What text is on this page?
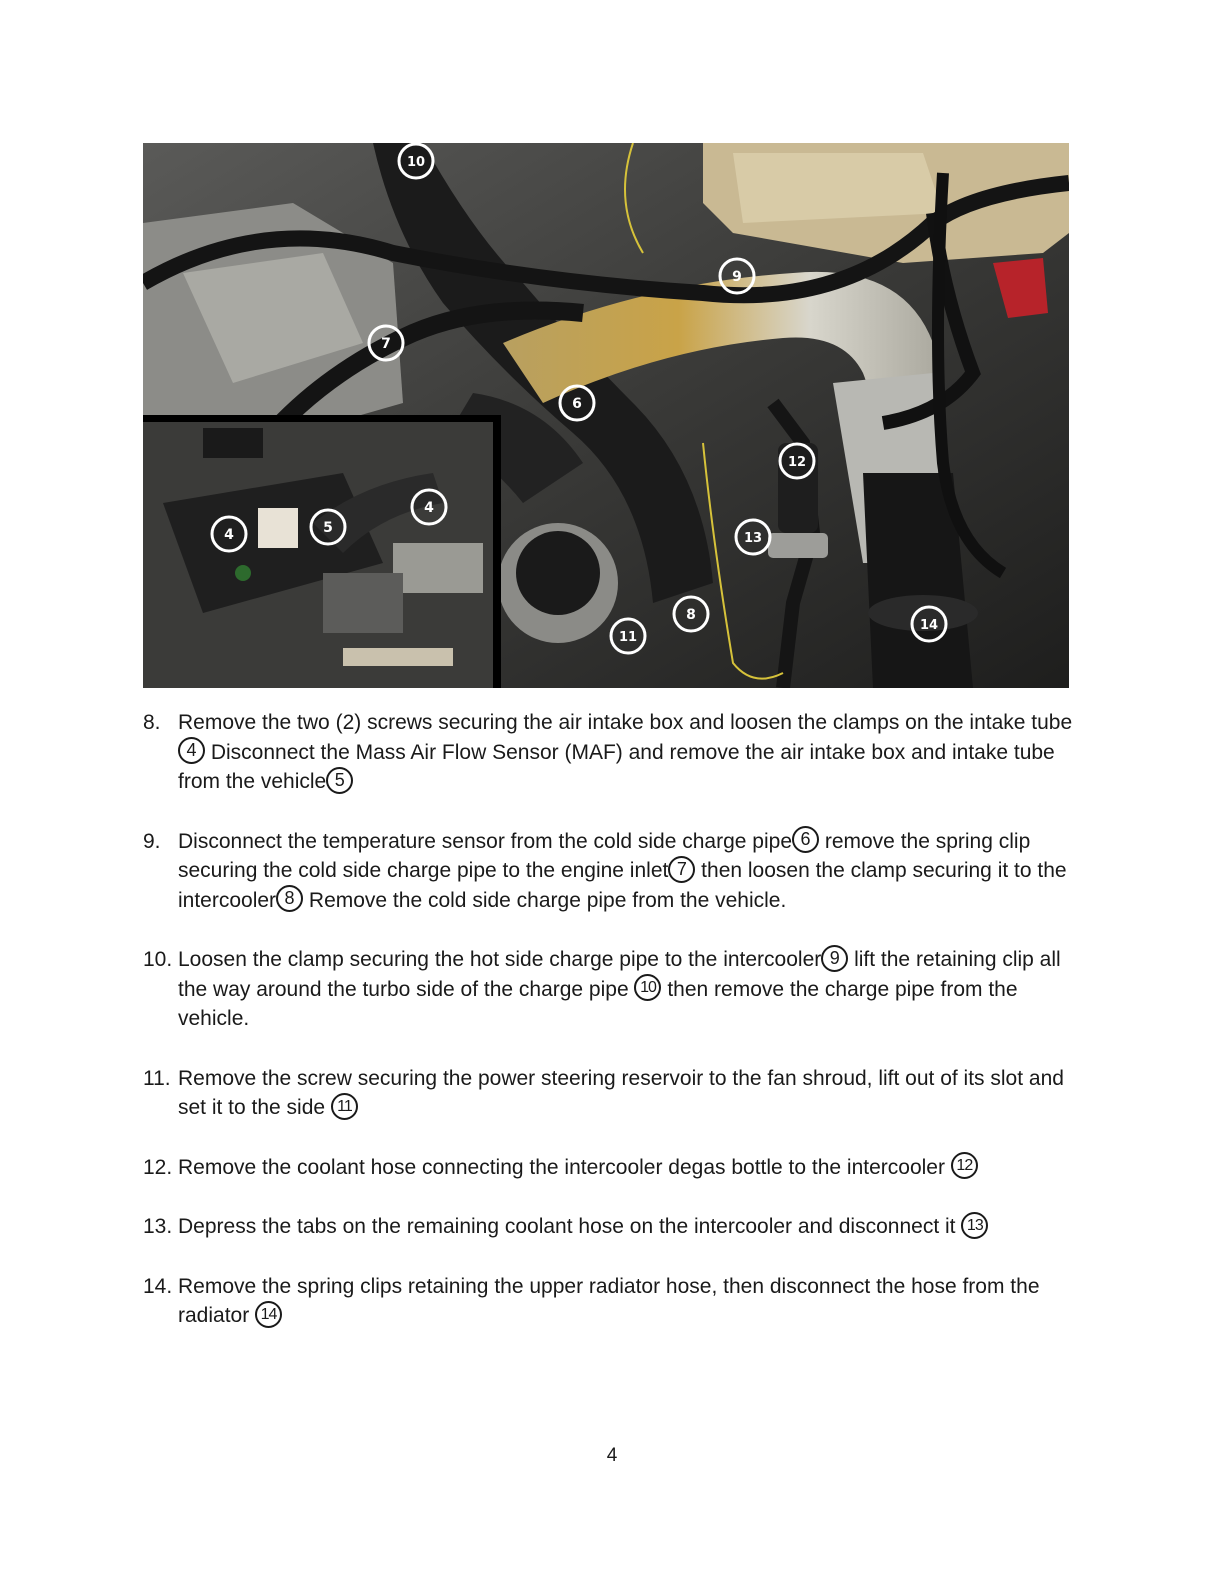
10
9
7
6
12
13
8
11
14
4	5
4
8. Remove the two (2) screws securing the air intake box and loosen the clamps on the intake tube4 Disconnect the Mass Air Flow Sensor (MAF) and remove the air intake box and intake tube from the vehicle 5
9. Disconnect the temperature sensor from the cold side charge pipe 6 remove the spring clip securing the cold side charge pipe to the engine inlet 7 then loosen the clamp securing it to the intercooler 8 Remove the cold side charge pipe from the vehicle.
10. Loosen the clamp securing the hot side charge pipe to the intercooler 9 lift the retaining clip all the way around the turbo side of the charge pipe 10 then remove the charge pipe from the vehicle.
11. Remove the screw securing the power steering reservoir to the fan shroud, lift out of its slot and set it to the side 11
12. Remove the coolant hose connecting the intercooler degas bottle to the intercooler 12
13. Depress the tabs on the remaining coolant hose on the intercooler and disconnect it 13
14. Remove the spring clips retaining the upper radiator hose, then disconnect the hose from the radiator 14
4
